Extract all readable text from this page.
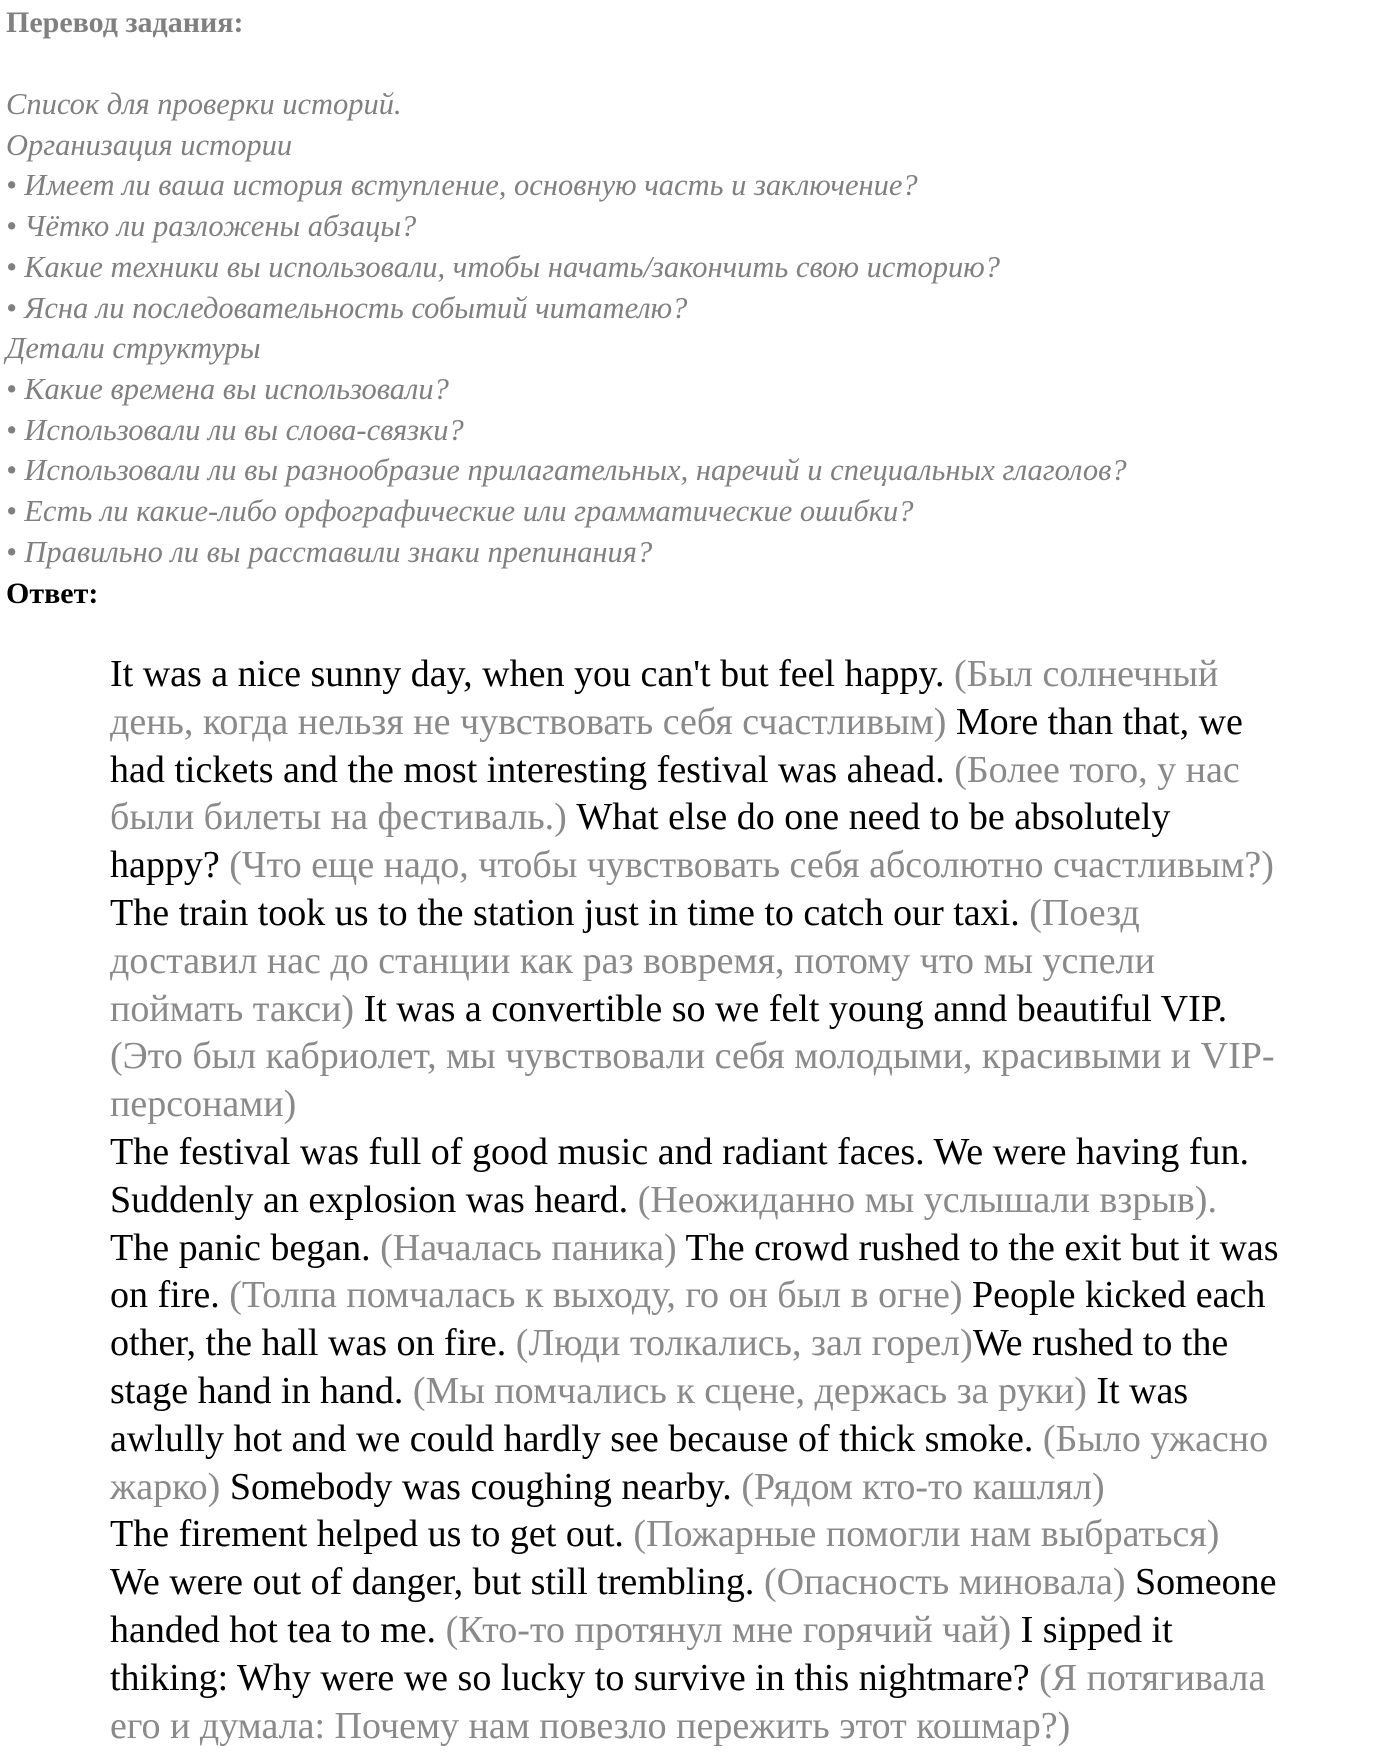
Перевод задания:
Список для проверки историй.
Организация истории
• Имеет ли ваша история вступление, основную часть и заключение?
• Чётко ли разложены абзацы?
• Какие техники вы использовали, чтобы начать/закончить свою историю?
• Ясна ли последовательность событий читателю?
Детали структуры
• Какие времена вы использовали?
• Использовали ли вы слова-связки?
• Использовали ли вы разнообразие прилагательных, наречий и специальных глаголов?
• Есть ли какие-либо орфографические или грамматические ошибки?
• Правильно ли вы расставили знаки препинания?
Ответ:
It was a nice sunny day, when you can't but feel happy. (Был солнечный
день, когда нельзя не чувствовать себя счастливым) More than that, we
had tickets and the most interesting festival was ahead. (Более того, у нас
были билеты на фестиваль.) What else do one need to be absolutely
happy? (Что еще надо, чтобы чувствовать себя абсолютно счастливым?)
The train took us to the station just in time to catch our taxi. (Поезд
доставил нас до станции как раз вовремя, потому что мы успели
поймать такси) It was a convertible so we felt young annd beautiful VIP.
(Это был кабриолет, мы чувствовали себя молодыми, красивыми и VIP-
персонами)
The festival was full of good music and radiant faces. We were having fun.
Suddenly an explosion was heard. (Неожиданно мы услышали взрыв).
The panic began. (Началась паника) The crowd rushed to the exit but it was
on fire. (Толпа помчалась к выходу, го он был в огне) People kicked each
other, the hall was on fire. (Люди толкались, зал горел)We rushed to the
stage hand in hand. (Мы помчались к сцене, держась за руки) It was
awlully hot and we could hardly see because of thick smoke. (Было ужасно
жарко) Somebody was coughing nearby. (Рядом кто-то кашлял)
The firement helped us to get out. (Пожарные помогли нам выбраться)
We were out of danger, but still trembling. (Опасность миновала) Someone
handed hot tea to me. (Кто-то протянул мне горячий чай) I sipped it
thiking: Why were we so lucky to survive in this nightmare? (Я потягивала
его и думала: Почему нам повезло пережить этот кошмар?)
